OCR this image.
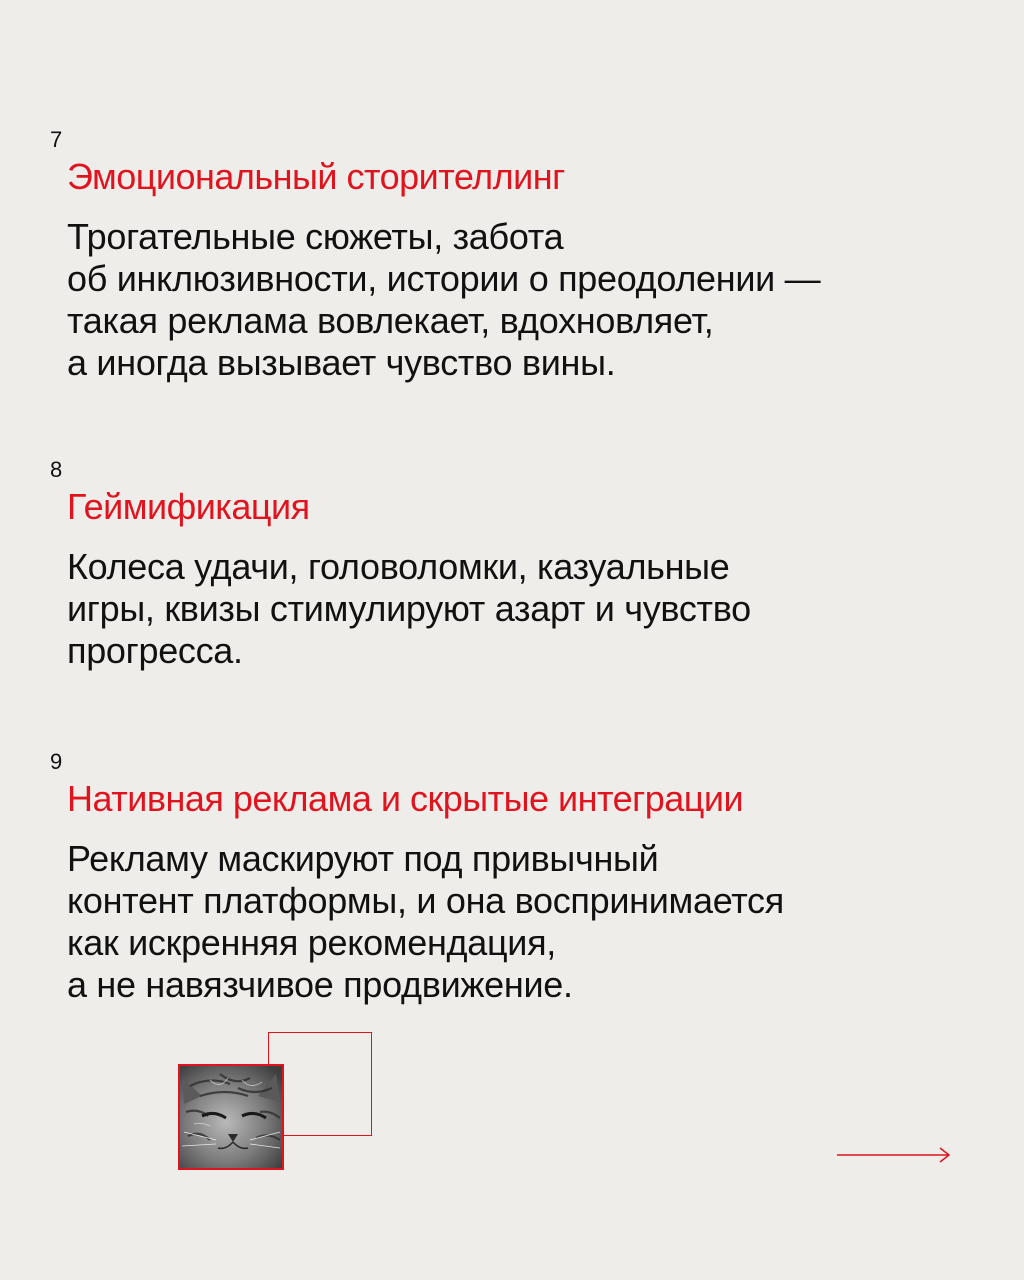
7
Эмоциональный сторителлинг
Трогательные сюжеты, забота
об инклюзивности, истории о преодолении —
такая реклама вовлекает, вдохновляет,
а иногда вызывает чувство вины.
8
Геймификация
Колеса удачи, головоломки, казуальные
игры, квизы стимулируют азарт и чувство
прогресса.
9
Нативная реклама и скрытые интеграции
Рекламу маскируют под привычный
контент платформы, и она воспринимается
как искренняя рекомендация,
а не навязчивое продвижение.
